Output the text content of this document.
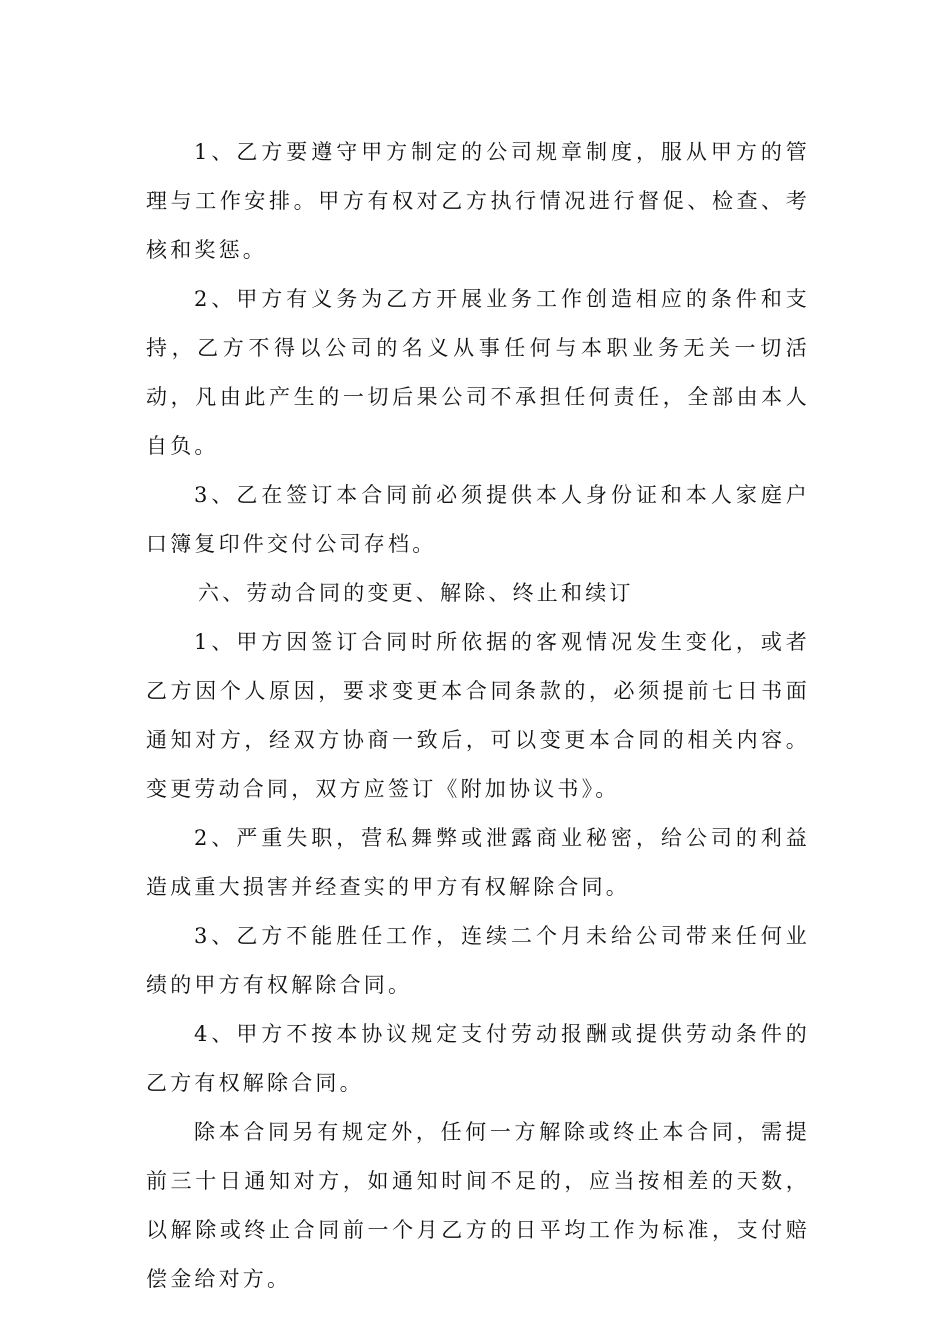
1、乙方要遵守甲方制定的公司规章制度，服从甲方的管理与工作安排。甲方有权对乙方执行情况进行督促、检查、考核和奖惩。

2、甲方有义务为乙方开展业务工作创造相应的条件和支持，乙方不得以公司的名义从事任何与本职业务无关一切活动，凡由此产生的一切后果公司不承担任何责任，全部由本人自负。

3、乙在签订本合同前必须提供本人身份证和本人家庭户口簿复印件交付公司存档。

六、劳动合同的变更、解除、终止和续订

1、甲方因签订合同时所依据的客观情况发生变化，或者乙方因个人原因，要求变更本合同条款的，必须提前七日书面通知对方，经双方协商一致后，可以变更本合同的相关内容。变更劳动合同，双方应签订《附加协议书》。

2、严重失职，营私舞弊或泄露商业秘密，给公司的利益造成重大损害并经查实的甲方有权解除合同。

3、乙方不能胜任工作，连续二个月未给公司带来任何业绩的甲方有权解除合同。

4、甲方不按本协议规定支付劳动报酬或提供劳动条件的乙方有权解除合同。

除本合同另有规定外，任何一方解除或终止本合同，需提前三十日通知对方，如通知时间不足的，应当按相差的天数，以解除或终止合同前一个月乙方的日平均工作为标准，支付赔偿金给对方。
